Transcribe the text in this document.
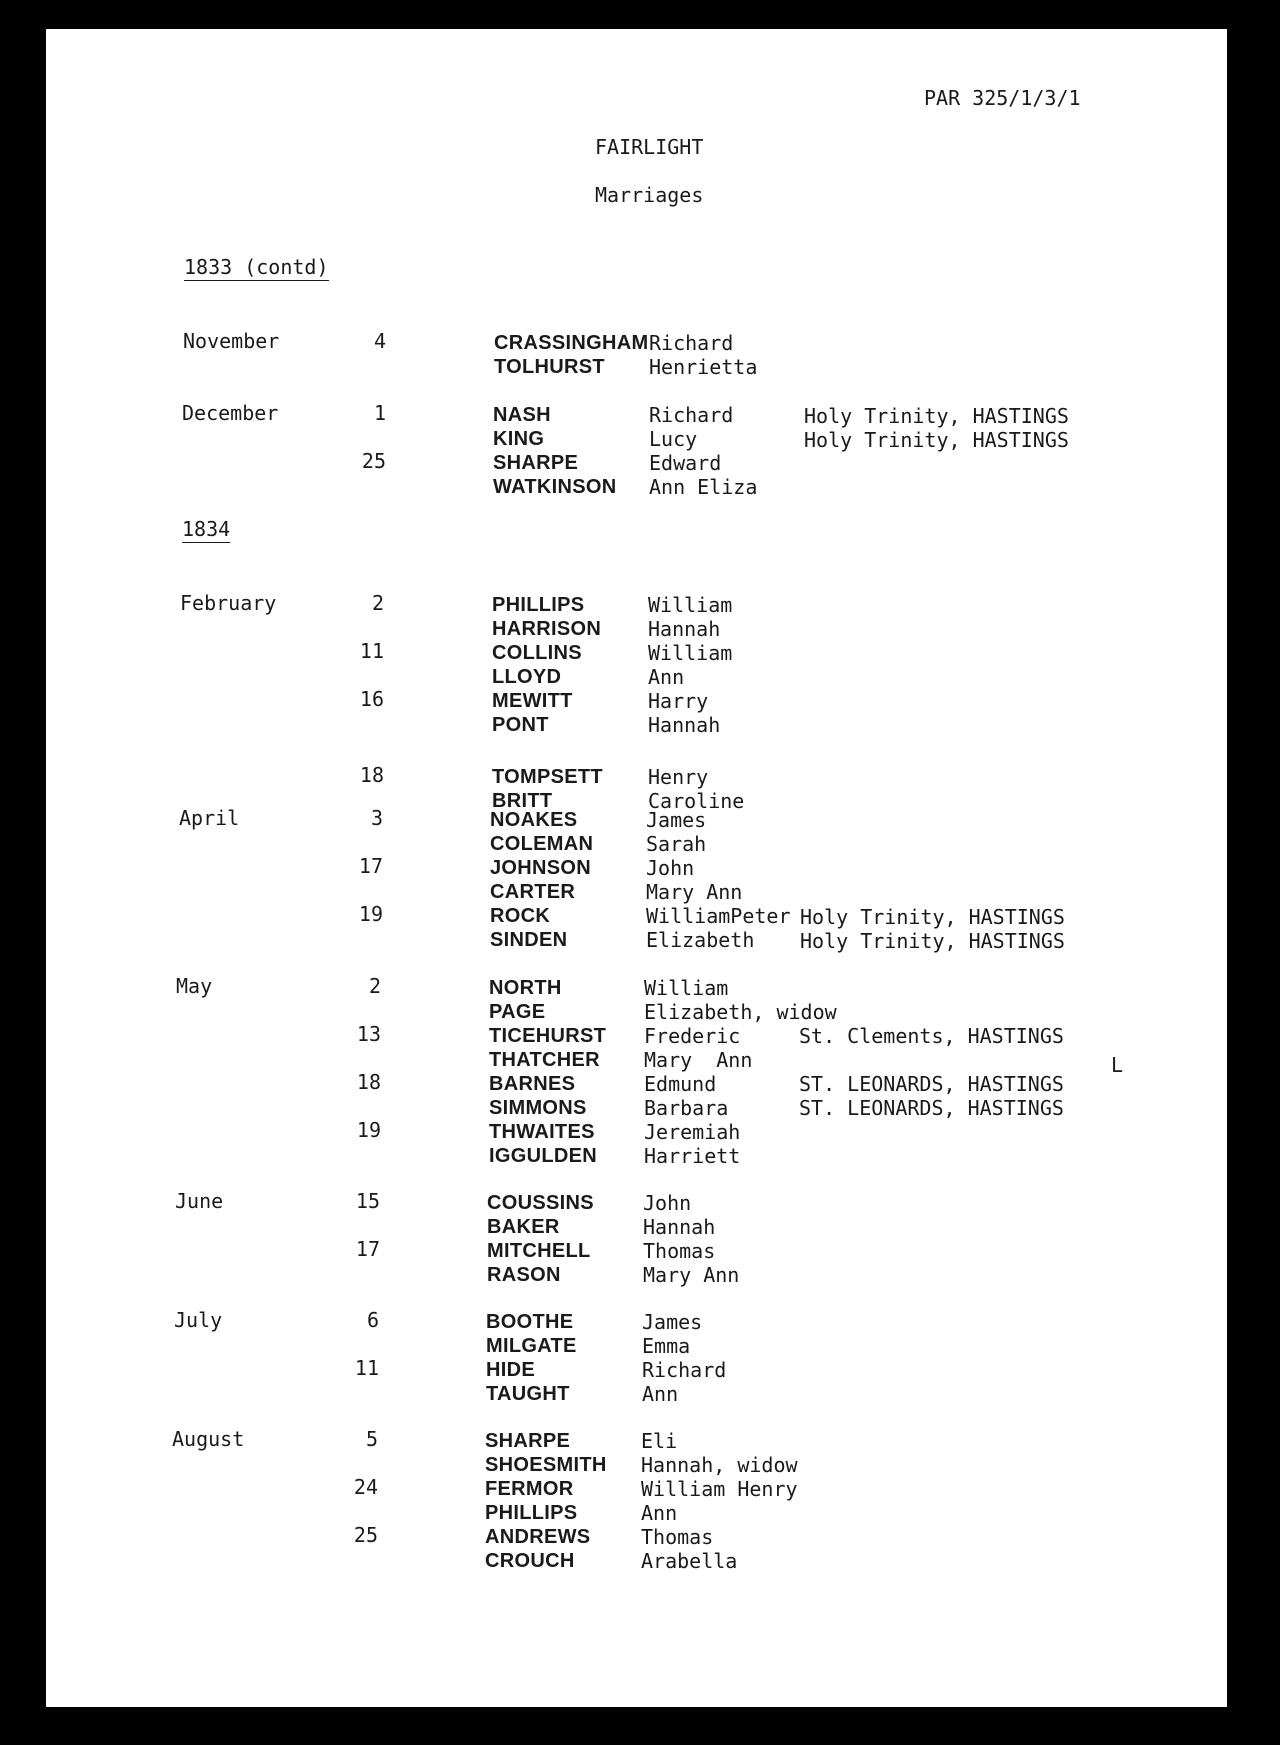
PAR 325/1/3/1
FAIRLIGHT
Marriages
L
1833 (contd)
1834
November	4	CRASSINGHAM Richard
TOLHURST Henrietta
December	1	NASH	Richard	Holy Trinity, HASTINGS
KING	Lucy	Holy Trinity, HASTINGS
25	SHARPE	Edward
WATKINSON Ann Eliza
February	2	PHILLIPS	William
HARRISON Hannah
11	COLLINS	William
LLOYD	Ann
16	MEWITT	Harry
PONT	Hannah
18	TOMPSETT Henry
BRITT	Caroline
April	3	NOAKES	James
COLEMAN	Sarah
17	JOHNSON	John
CARTER	Mary Ann
19	ROCK	WilliamPeter Holy Trinity, HASTINGS
SINDEN	Elizabeth Holy Trinity, HASTINGS
May	2	NORTH	William
PAGE	Elizabeth, widow
13	TICEHURST Frederic	St. Clements, HASTINGS
THATCHER Mary  Ann
18	BARNES	Edmund	ST. LEONARDS, HASTINGS
SIMMONS	Barbara	ST. LEONARDS, HASTINGS
19	THWAITES Jeremiah
IGGULDEN Harriett
June	15	COUSSINS John
BAKER	Hannah
17	MITCHELL	Thomas
RASON	Mary Ann
July	6	BOOTHE	James
MILGATE	Emma
11	HIDE	Richard
TAUGHT	Ann
August	5	SHARPE	Eli
SHOESMITH Hannah, widow
24	FERMOR	William Henry
PHILLIPS	Ann
25	ANDREWS	Thomas
CROUCH	Arabella
